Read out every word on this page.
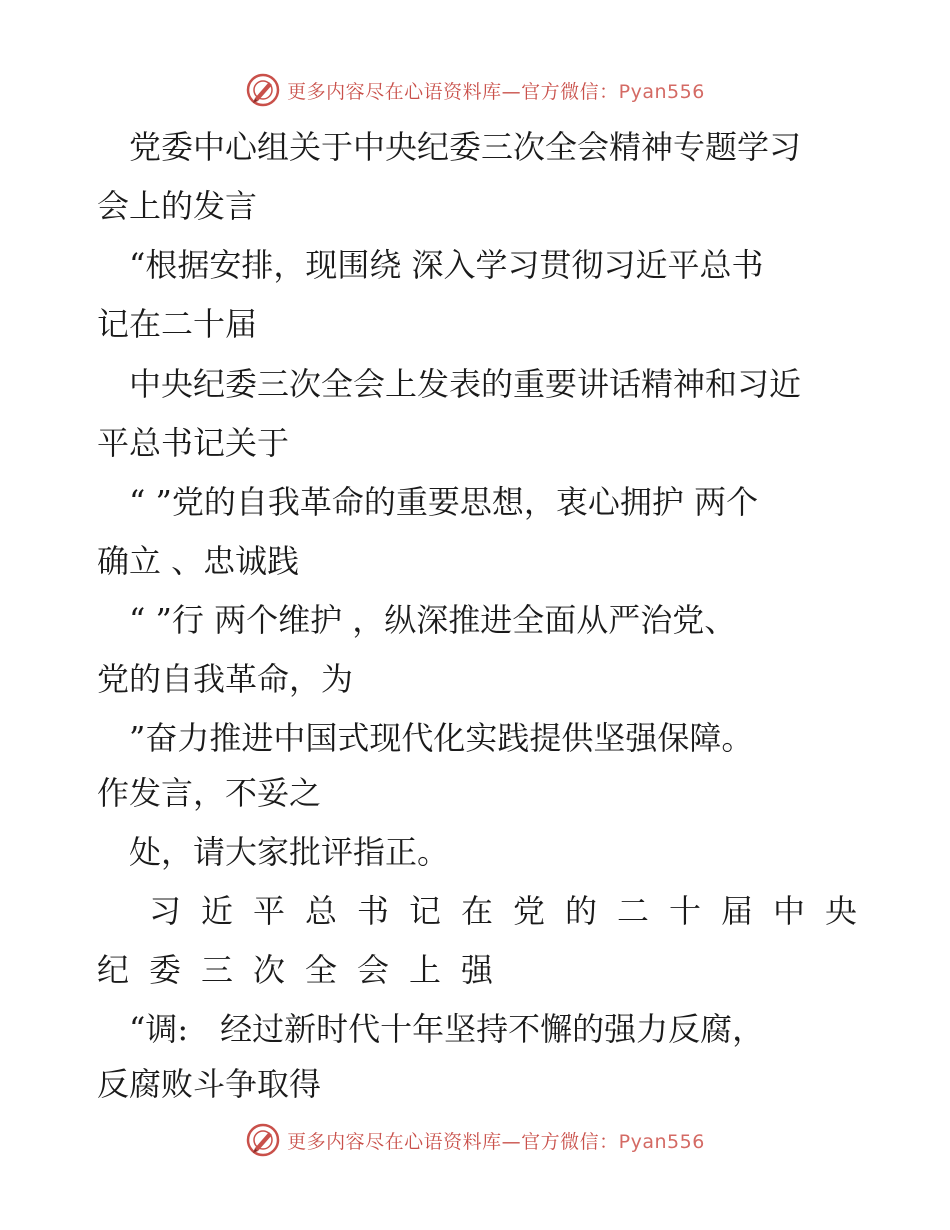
更多内容尽在心语资料库—官方微信：Pyan556
　党委中心组关于中央纪委三次全会精神专题学习
会上的发言
　“根据安排，现围绕 深入学习贯彻习近平总书
记在二十届
　中央纪委三次全会上发表的重要讲话精神和习近
平总书记关于
　“ ”党的自我革命的重要思想，衷心拥护 两个
确立 、忠诚践
　“ ”行 两个维护 ，纵深推进全面从严治党、
党的自我革命，为
　”奋力推进中国式现代化实践提供坚强保障。
作发言，不妥之
　处，请大家批评指正。
　习近平总书记在党的二十届中央
纪委三次全会上强
　“调:　经过新时代十年坚持不懈的强力反腐，
反腐败斗争取得
更多内容尽在心语资料库—官方微信：Pyan556
